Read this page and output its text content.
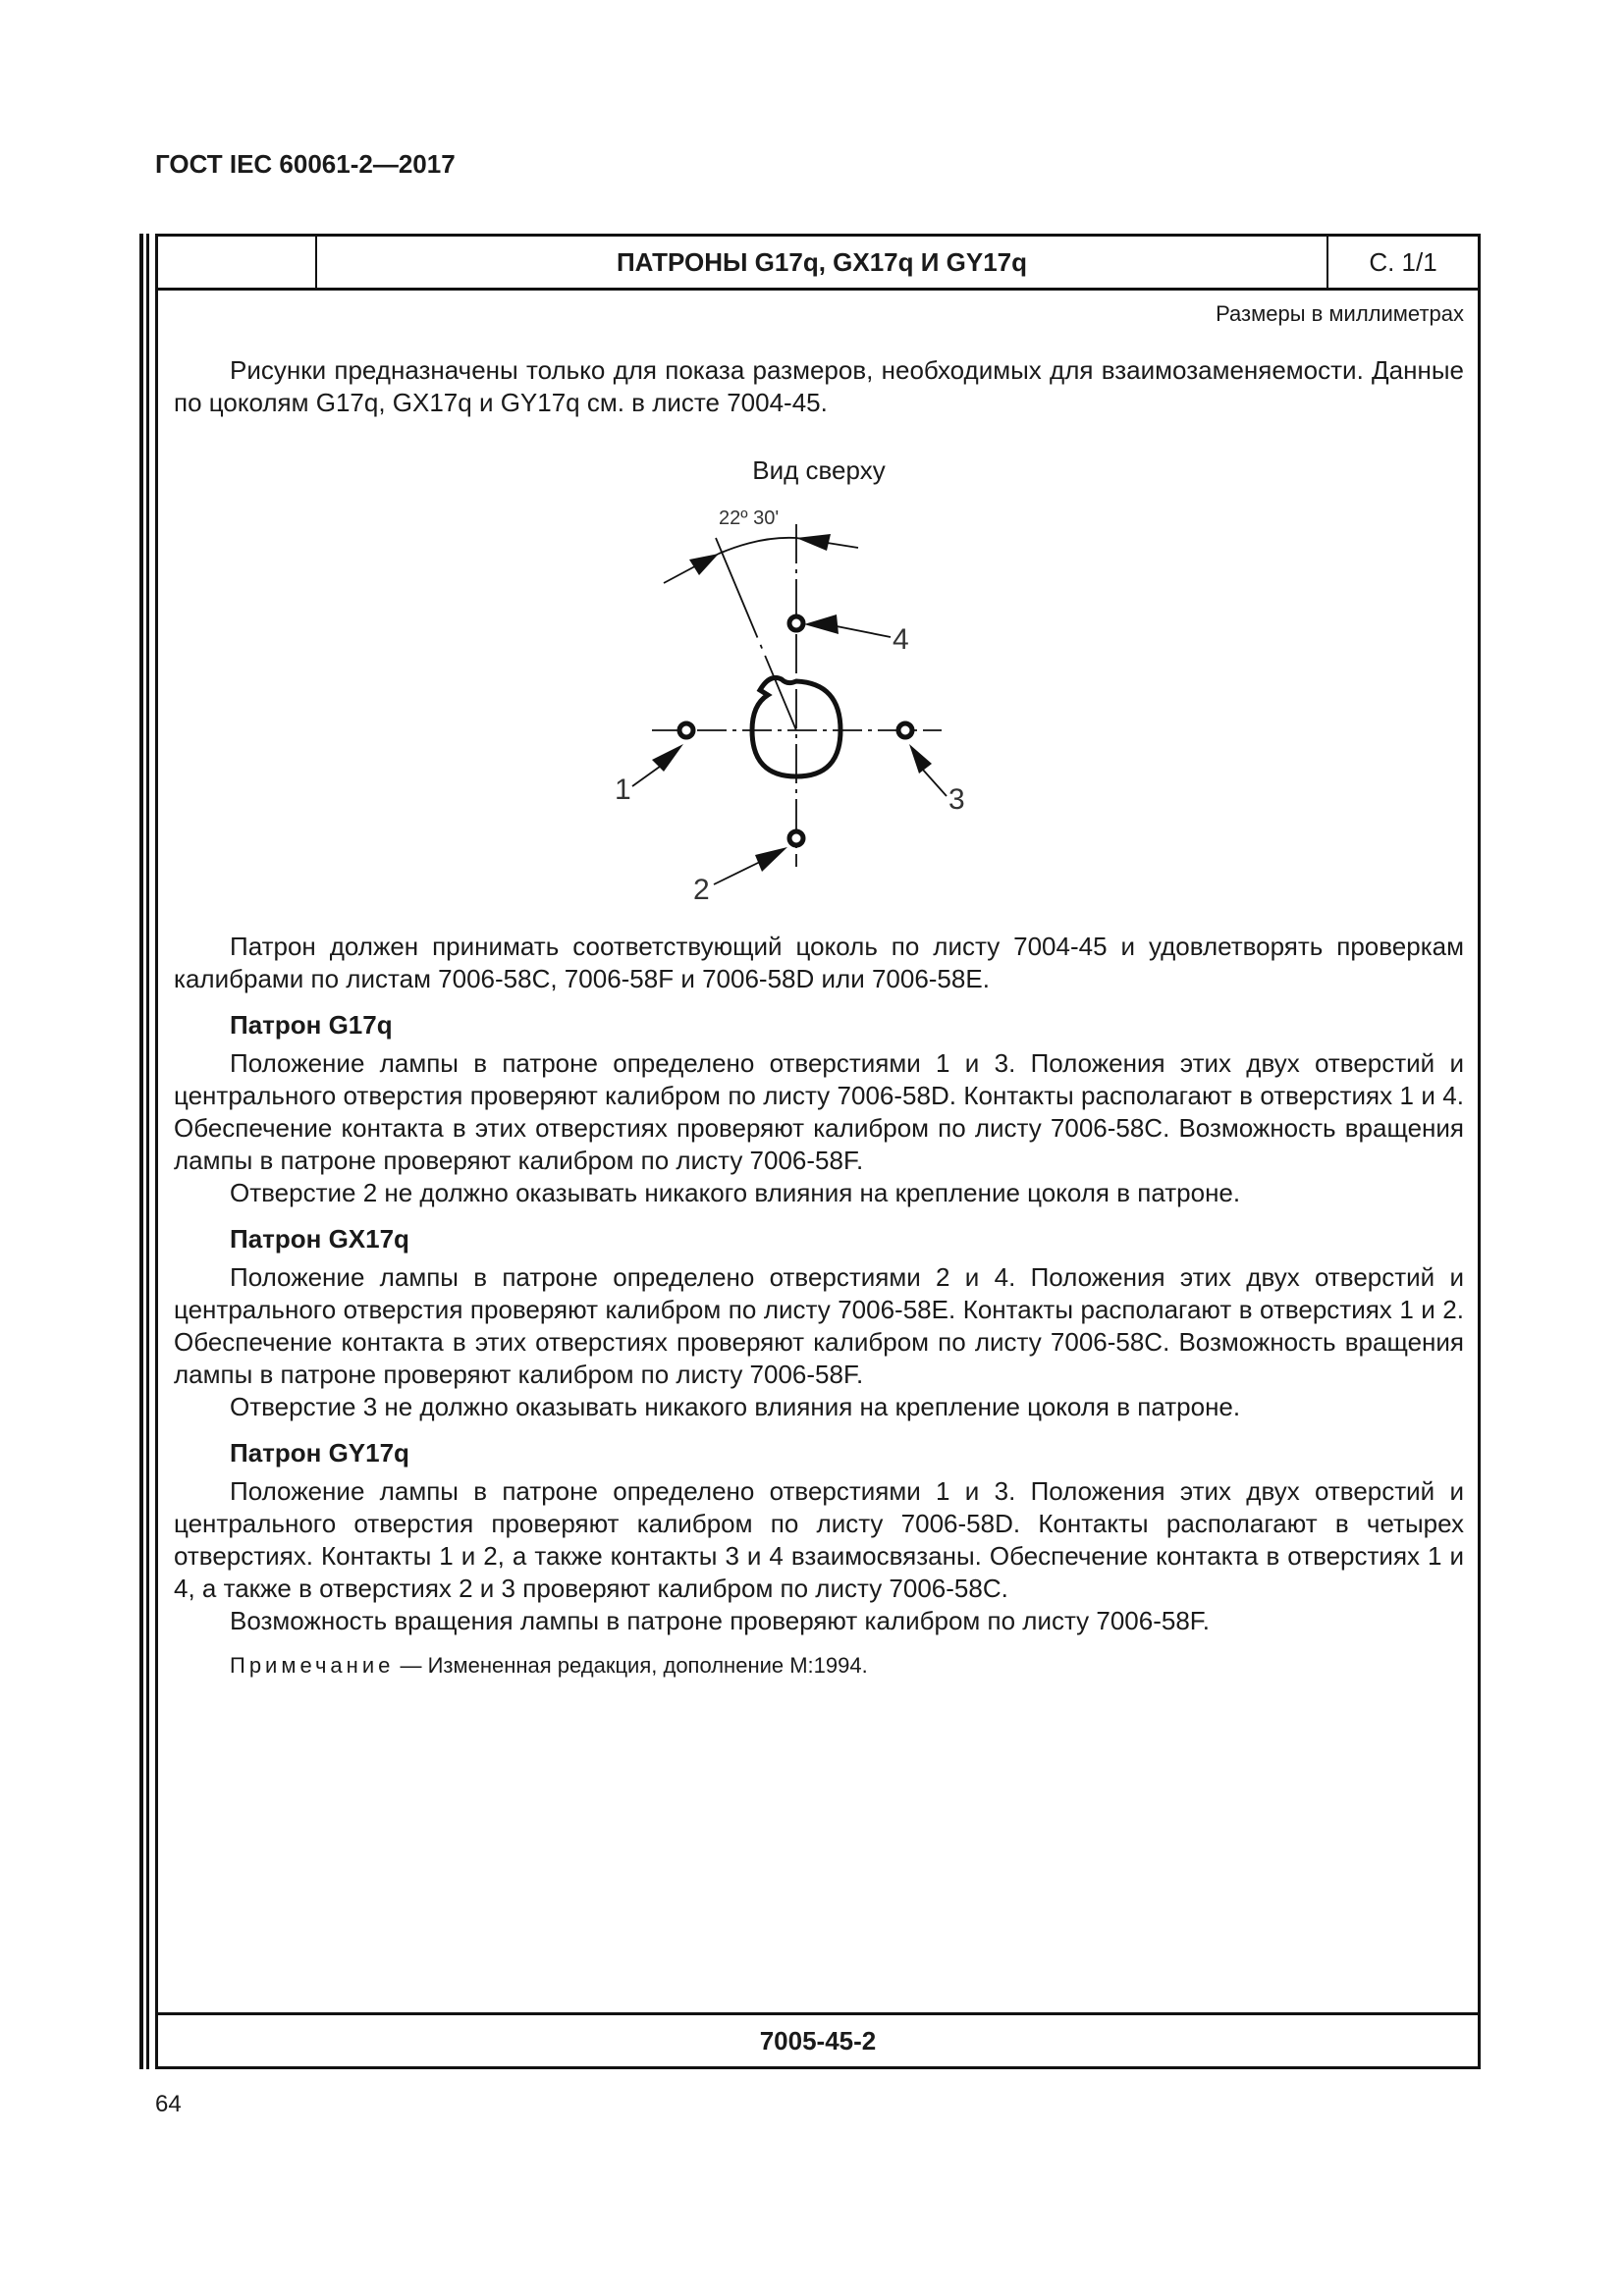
ГОСТ IEC 60061-2—2017
ПАТРОНЫ G17q, GX17q И GY17q	С. 1/1
Размеры в миллиметрах

Рисунки предназначены только для показа размеров, необходимых для взаимозаменяемости. Данные по цоколям G17q, GX17q и GY17q см. в листе 7004-45.

Вид сверху
22º 30'
1
2
3
4

Патрон должен принимать соответствующий цоколь по листу 7004-45 и удовлетворять проверкам калибрами по листам 7006-58С, 7006-58F и 7006-58D или 7006-58E.

Патрон G17q

Положение лампы в патроне определено отверстиями 1 и 3. Положения этих двух отверстий и центрального отверстия проверяют калибром по листу 7006-58D. Контакты располагают в отверстиях 1 и 4. Обеспечение контакта в этих отверстиях проверяют калибром по листу 7006-58С. Возможность вращения лампы в патроне проверяют калибром по листу 7006-58F.

Отверстие 2 не должно оказывать никакого влияния на крепление цоколя в патроне.

Патрон GX17q

Положение лампы в патроне определено отверстиями 2 и 4. Положения этих двух отверстий и центрального отверстия проверяют калибром по листу 7006-58E. Контакты располагают в отверстиях 1 и 2. Обеспечение контакта в этих отверстиях проверяют калибром по листу 7006-58С. Возможность вращения лампы в патроне проверяют калибром по листу 7006-58F.

Отверстие 3 не должно оказывать никакого влияния на крепление цоколя в патроне.

Патрон GY17q

Положение лампы в патроне определено отверстиями 1 и 3. Положения этих двух отверстий и центрального отверстия проверяют калибром по листу 7006-58D. Контакты располагают в четырех отверстиях. Контакты 1 и 2, а также контакты 3 и 4 взаимосвязаны. Обеспечение контакта в отверстиях 1 и 4, а также в отверстиях 2 и 3 проверяют калибром по листу 7006-58С.

Возможность вращения лампы в патроне проверяют калибром по листу 7006-58F.

Примечание — Измененная редакция, дополнение М:1994.
7005-45-2
64
